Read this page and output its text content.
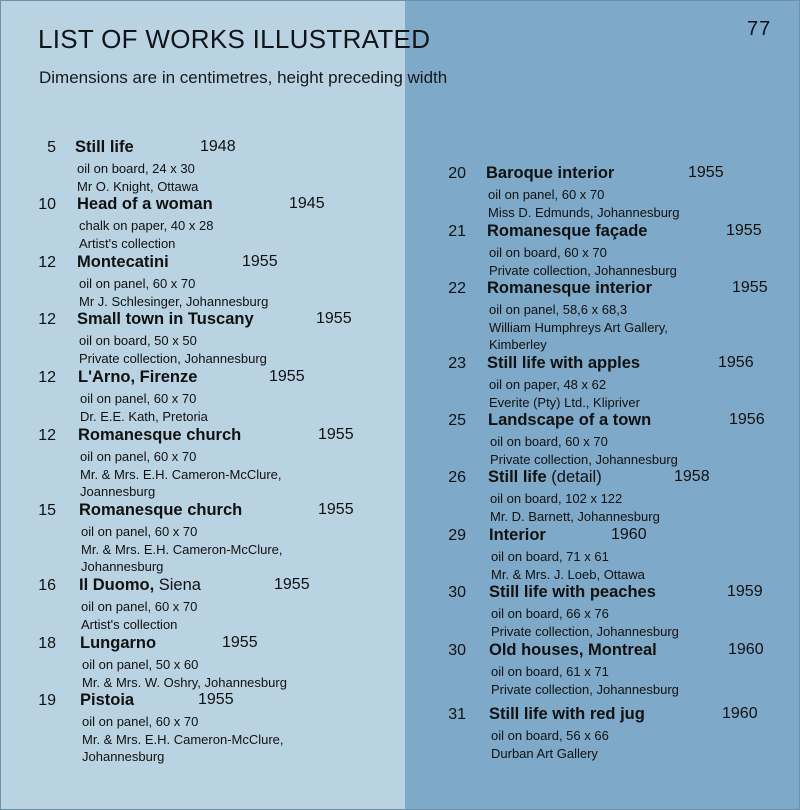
LIST OF WORKS ILLUSTRATED	77
Dimensions are in centimetres, height preceding width
5 Still life	1948
oil on board, 24 x 30
Mr O. Knight, Ottawa
10 Head of a woman	1945
chalk on paper, 40 x 28
Artist's collection
12 Montecatini	1955
oil on panel, 60 x 70
Mr J. Schlesinger, Johannesburg
12 Small town in Tuscany	1955
oil on board, 50 x 50
Private collection, Johannesburg
12 L'Arno, Firenze	1955
oil on panel, 60 x 70
Dr. E.E. Kath, Pretoria
12 Romanesque church	1955
oil on panel, 60 x 70
Mr. & Mrs. E.H. Cameron-McClure,
Joannesburg
15 Romanesque church	1955
oil on panel, 60 x 70
Mr. & Mrs. E.H. Cameron-McClure,
Johannesburg
16 Il Duomo, Siena	1955
oil on panel, 60 x 70
Artist's collection
18 Lungarno	1955
oil on panel, 50 x 60
Mr. & Mrs. W. Oshry, Johannesburg
19 Pistoia	1955
oil on panel, 60 x 70
Mr. & Mrs. E.H. Cameron-McClure,
Johannesburg
20 Baroque interior	1955
oil on panel, 60 x 70
Miss D. Edmunds, Johannesburg
21 Romanesque façade	1955
oil on board, 60 x 70
Private collection, Johannesburg
22 Romanesque interior	1955
oil on panel, 58,6 x 68,3
William Humphreys Art Gallery,
Kimberley
23 Still life with apples	1956
oil on paper, 48 x 62
Everite (Pty) Ltd., Klipriver
25 Landscape of a town	1956
oil on board, 60 x 70
Private collection, Johannesburg
26 Still life (detail)	1958
oil on board, 102 x 122
Mr. D. Barnett, Johannesburg
29 Interior	1960
oil on board, 71 x 61
Mr. & Mrs. J. Loeb, Ottawa
30 Still life with peaches	1959
oil on board, 66 x 76
Private collection, Johannesburg
30 Old houses, Montreal	1960
oil on board, 61 x 71
Private collection, Johannesburg
31 Still life with red jug	1960
oil on board, 56 x 66
Durban Art Gallery
